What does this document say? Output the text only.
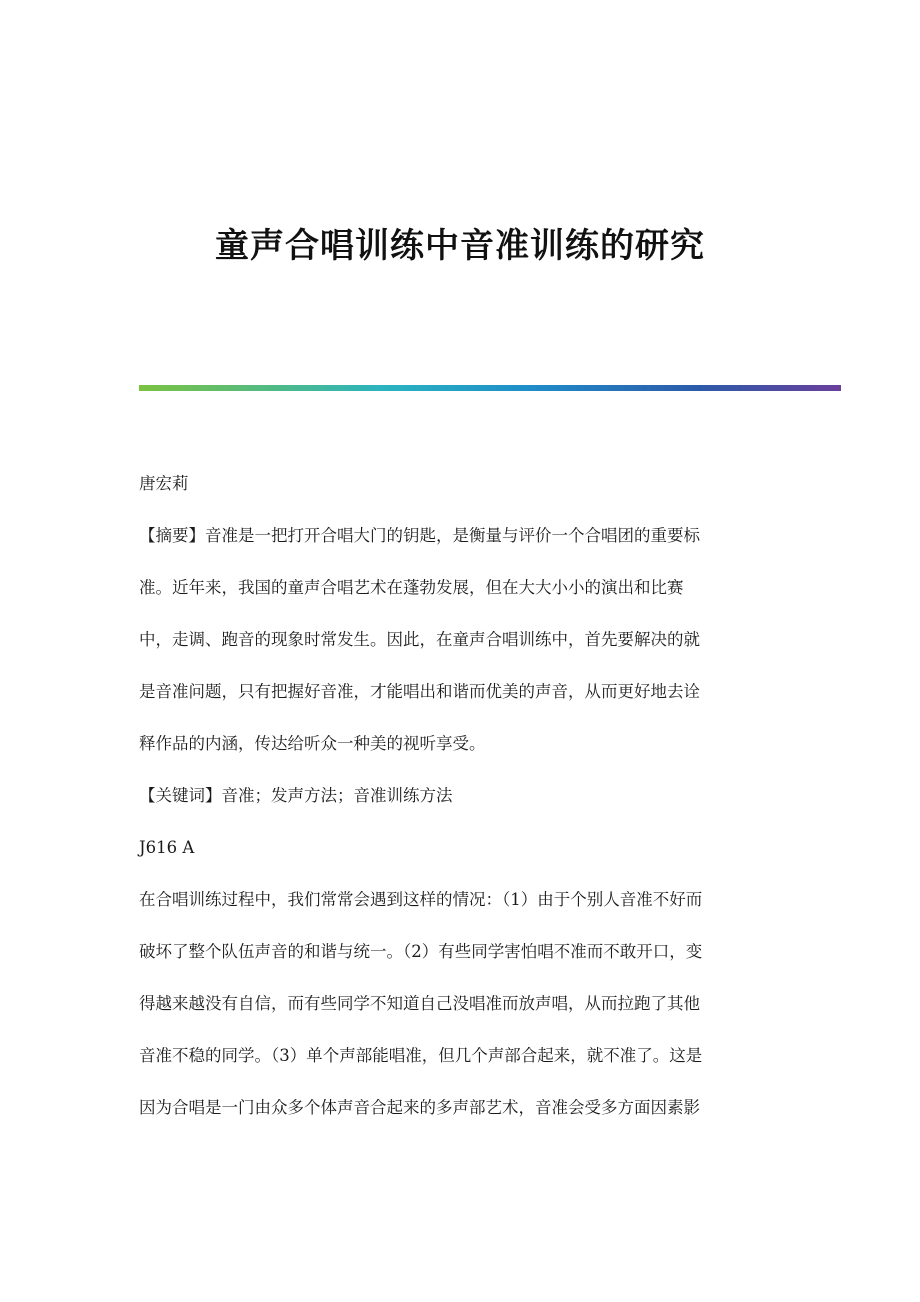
童声合唱训练中音准训练的研究
唐宏莉
【摘要】音准是一把打开合唱大门的钥匙，是衡量与评价一个合唱团的重要标
准。近年来，我国的童声合唱艺术在蓬勃发展，但在大大小小的演出和比赛
中，走调、跑音的现象时常发生。因此，在童声合唱训练中，首先要解决的就
是音准问题，只有把握好音准，才能唱出和谐而优美的声音，从而更好地去诠
释作品的内涵，传达给听众一种美的视听享受。
【关键词】音准；发声方法；音准训练方法
J616 A
在合唱训练过程中，我们常常会遇到这样的情况：（1）由于个别人音准不好而
破坏了整个队伍声音的和谐与统一。（2）有些同学害怕唱不准而不敢开口，变
得越来越没有自信，而有些同学不知道自己没唱准而放声唱，从而拉跑了其他
音准不稳的同学。（3）单个声部能唱准，但几个声部合起来，就不准了。这是
因为合唱是一门由众多个体声音合起来的多声部艺术，音准会受多方面因素影
